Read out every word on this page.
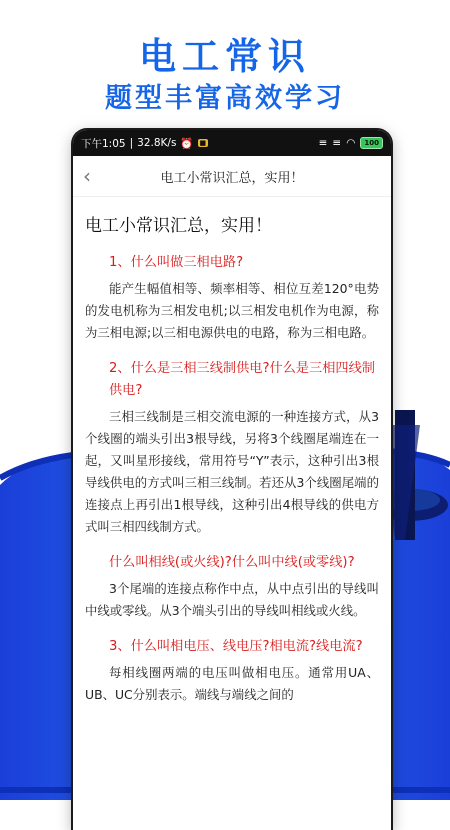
电工常识
题型丰富高效学习
下午1:05 | 32.8K/s ⏰ ■	≡ ≡ ◠	100
‹	电工小常识汇总，实用！
电工小常识汇总，实用！
1、什么叫做三相电路?
能产生幅值相等、频率相等、相位互差120°电势的发电机称为三相发电机;以三相发电机作为电源，称为三相电源;以三相电源供电的电路，称为三相电路。
2、什么是三相三线制供电?什么是三相四线制供电?
三相三线制是三相交流电源的一种连接方式，从3个线圈的端头引出3根导线，另将3个线圈尾端连在一起，又叫星形接线，常用符号“Y”表示，这种引出3根导线供电的方式叫三相三线制。若还从3个线圈尾端的连接点上再引出1根导线，这种引出4根导线的供电方式叫三相四线制方式。
什么叫相线(或火线)?什么叫中线(或零线)?
3个尾端的连接点称作中点，从中点引出的导线叫中线或零线。从3个端头引出的导线叫相线或火线。
3、什么叫相电压、线电压?相电流?线电流?
每相线圈两端的电压叫做相电压。通常用UA、UB、UC分别表示。端线与端线之间的
